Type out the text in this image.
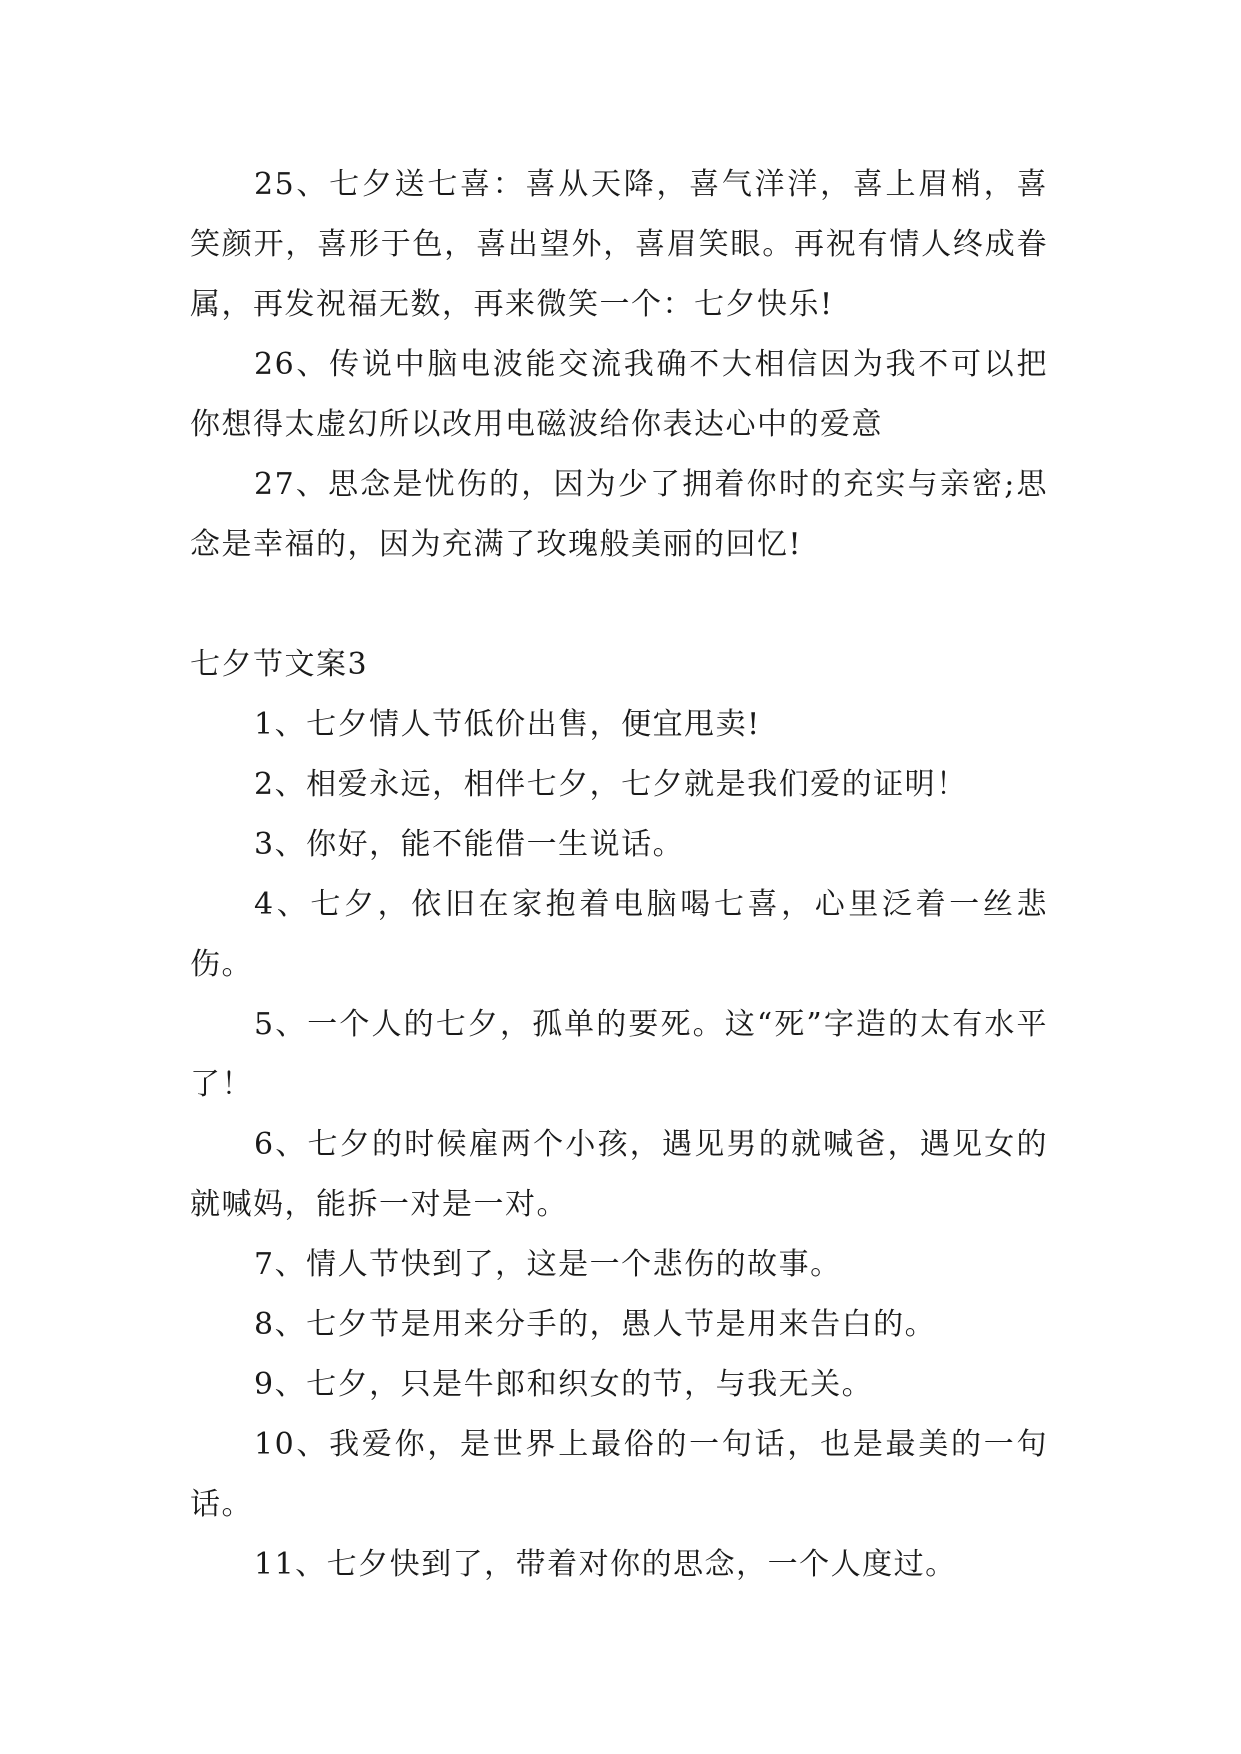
25、七夕送七喜：喜从天降，喜气洋洋，喜上眉梢，喜笑颜开，喜形于色，喜出望外，喜眉笑眼。再祝有情人终成眷属，再发祝福无数，再来微笑一个：七夕快乐!

26、传说中脑电波能交流我确不大相信因为我不可以把你想得太虚幻所以改用电磁波给你表达心中的爱意

27、思念是忧伤的，因为少了拥着你时的充实与亲密;思念是幸福的，因为充满了玫瑰般美丽的回忆!

七夕节文案3

1、七夕情人节低价出售，便宜甩卖!

2、相爱永远，相伴七夕，七夕就是我们爱的证明！

3、你好，能不能借一生说话。

4、七夕，依旧在家抱着电脑喝七喜，心里泛着一丝悲伤。

5、一个人的七夕，孤单的要死。这“死”字造的太有水平了！

6、七夕的时候雇两个小孩，遇见男的就喊爸，遇见女的就喊妈，能拆一对是一对。

7、情人节快到了，这是一个悲伤的故事。

8、七夕节是用来分手的，愚人节是用来告白的。

9、七夕，只是牛郎和织女的节，与我无关。

10、我爱你，是世界上最俗的一句话，也是最美的一句话。

11、七夕快到了，带着对你的思念，一个人度过。
